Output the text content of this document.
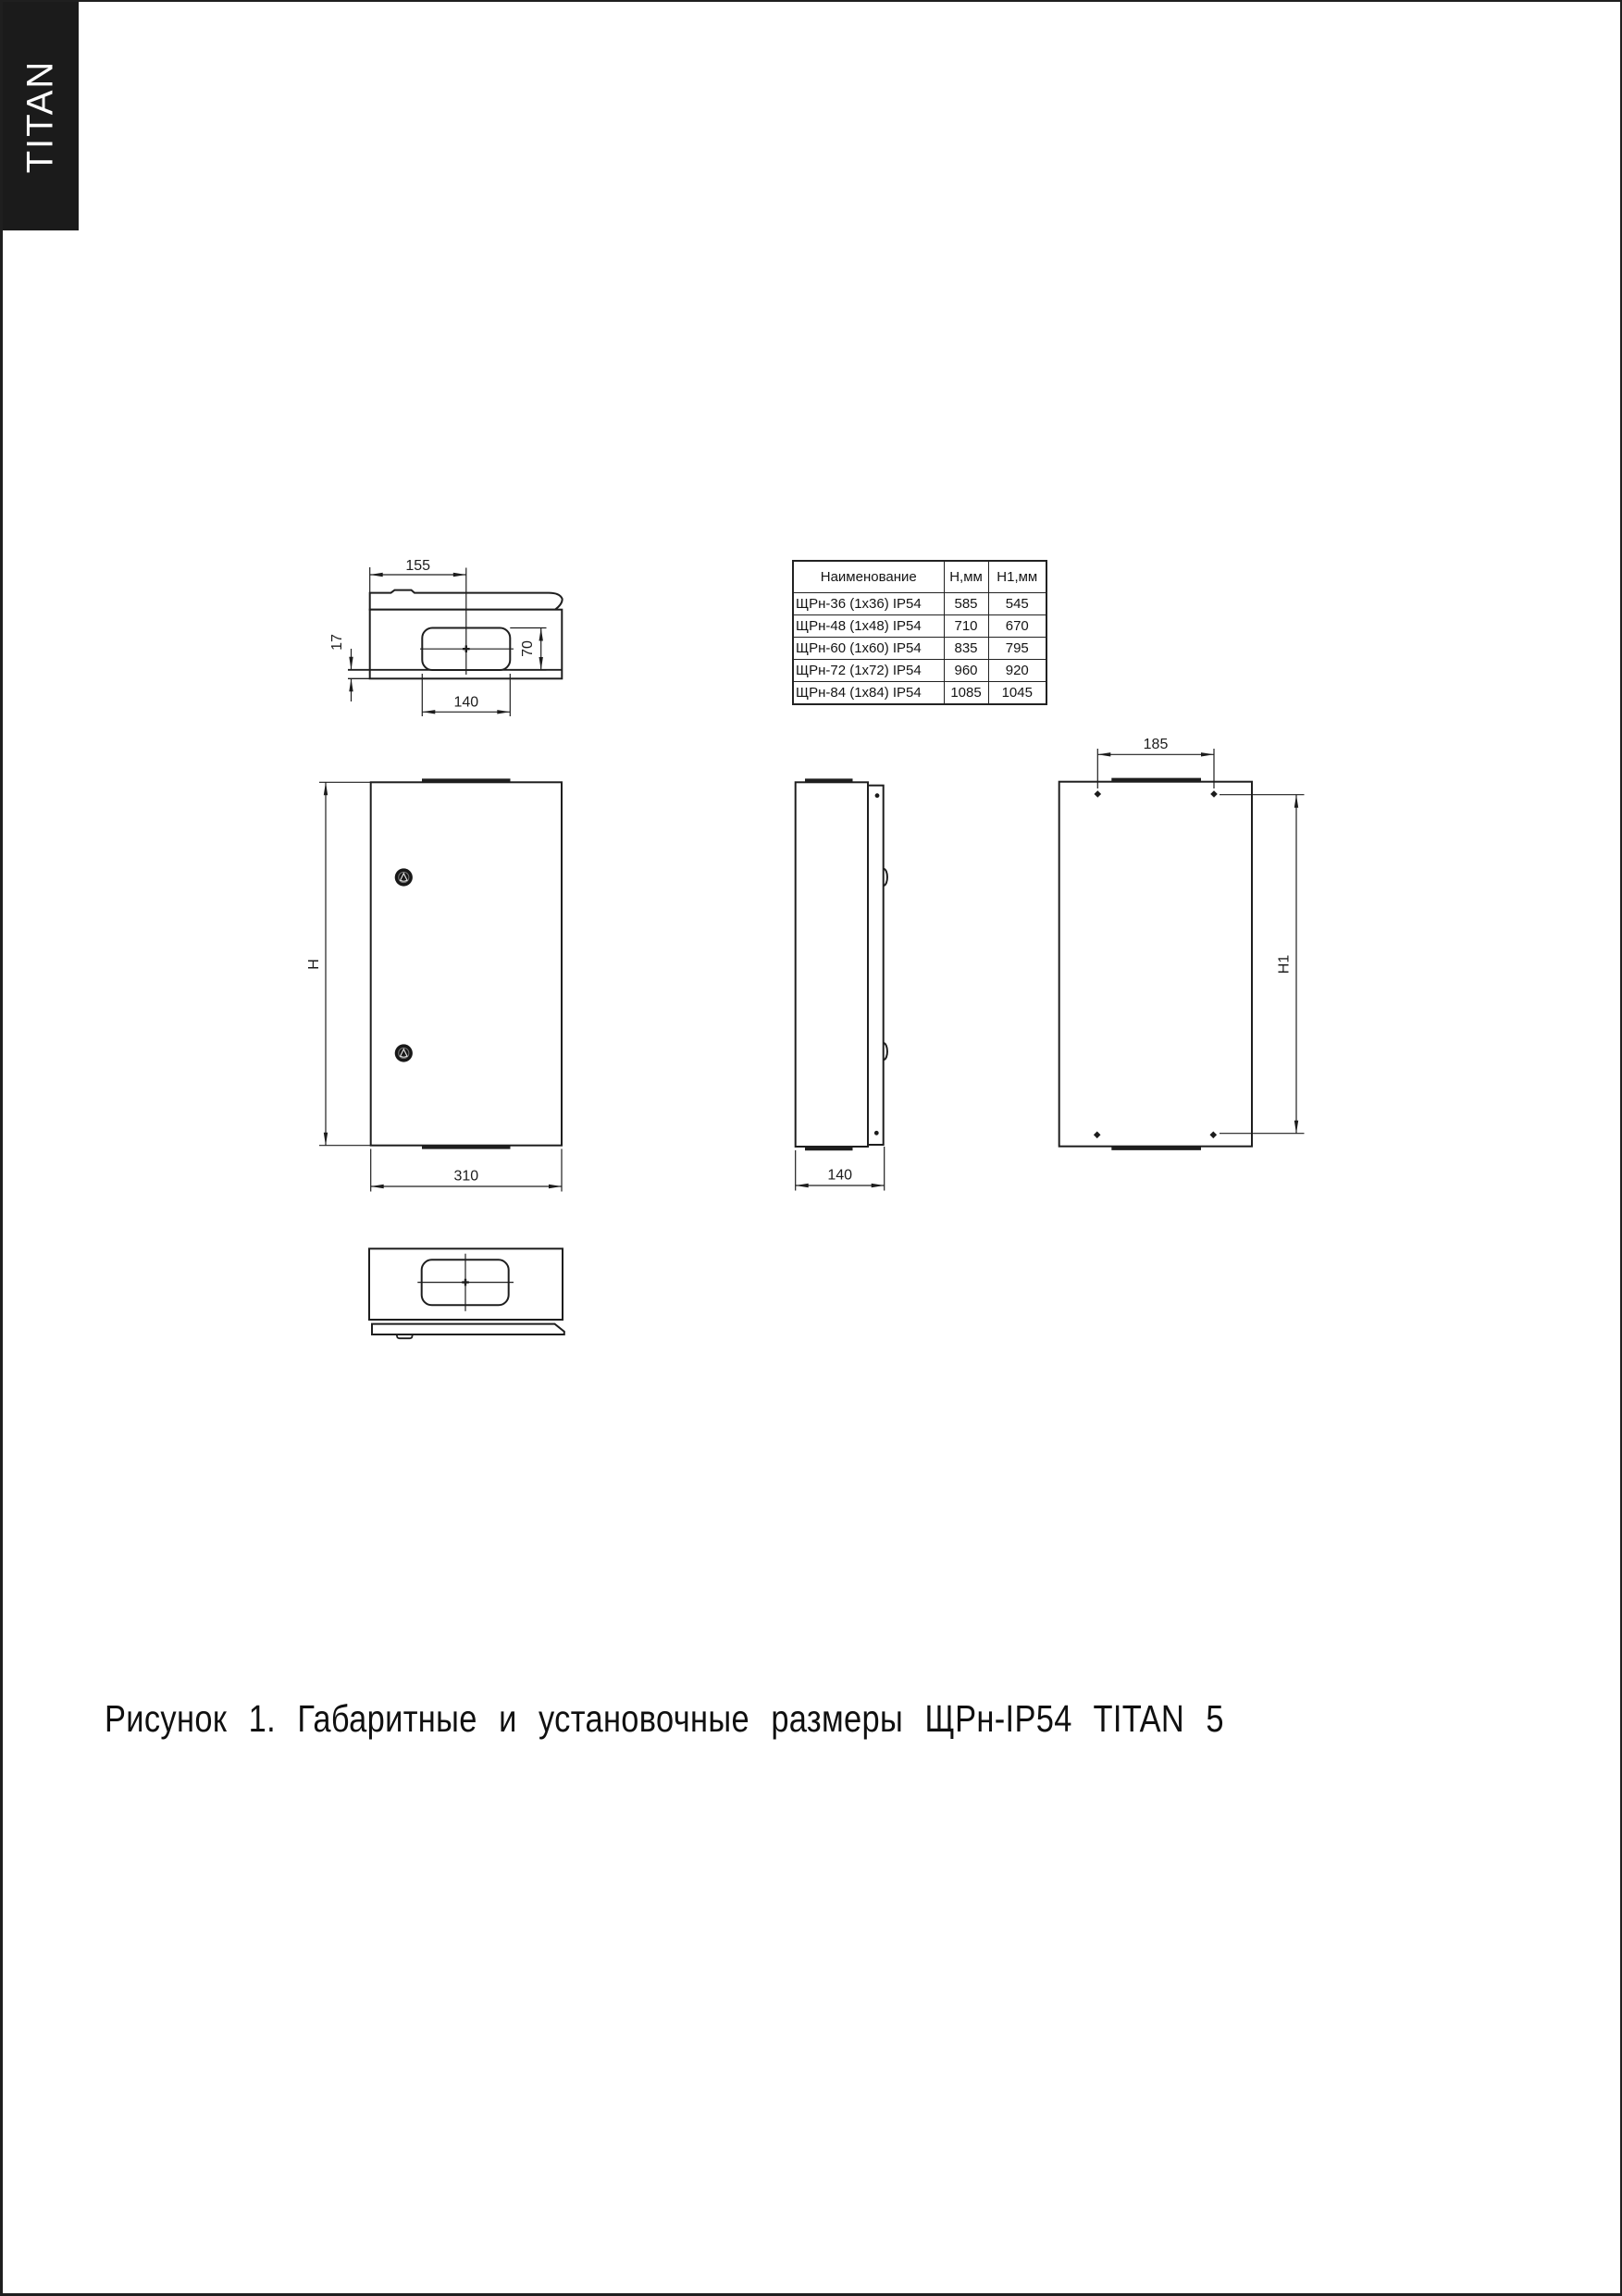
TITAN
155
17	70
140
H
310	140
185
H1
Наименование	Н,мм	Н1,мм
ЩРн-36 (1х36) IP54	585	545
ЩРн-48 (1х48) IP54	710	670
ЩРн-60 (1х60) IP54	835	795
ЩРн-72 (1х72) IP54	960	920
ЩРн-84 (1х84) IP54	1085	1045
Рисунок 1. Габаритные и установочные размеры ЩРн-IP54 TITAN 5
